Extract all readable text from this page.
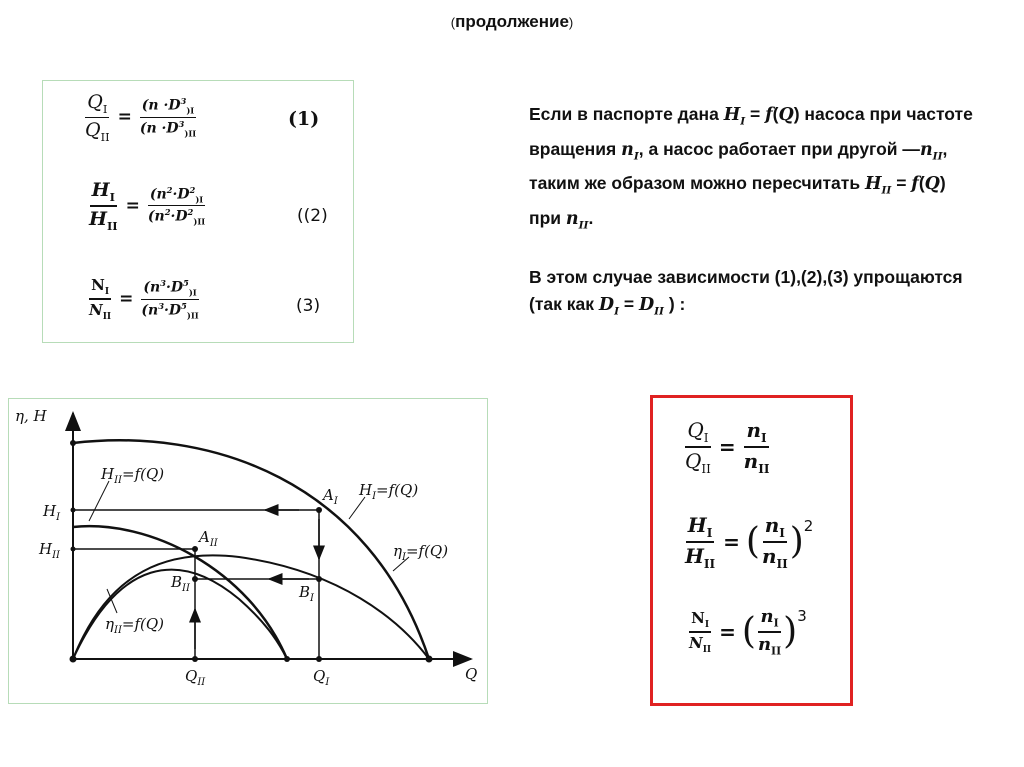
(продолжение)
$\frac{Q_I}{Q_{II}} = \frac{(n \cdot D^3_{)I}}{(n \cdot D^3_{)II}}$	(1)
$\frac{H_I}{H_{II}} = \frac{(n^2\cdot D^2_{)I}}{(n^2\cdot D^2_{)II}}$	((2)
$\frac{N_I}{N_{II}} = \frac{(n^3\cdot D^5_{)I}}{(n^3\cdot D^5_{)II}}$	(3)

Если в паспорте дана $H_I = f(Q)$ насоса при частоте вращения $n_I$, а насос работает при другой $—n_{II}$, таким же образом можно пересчитать $H_{II} = f(Q)$ при $n_{II}$.

В этом случае зависимости (1),(2),(3) упрощаются (так как $D_I = D_{II}$ ) :

$\frac{Q_I}{Q_{II}} = \frac{n_I}{n_{II}}$
$\frac{H_I}{H_{II}}$ = ( $\frac{n_I}{n_{II}}$ ) 2
$\frac{N_I}{N_{II}}$ = ( $\frac{n_I}{n_{II}}$ ) 3
η, H
Q
$H_I$
$H_{II}$
$Q_{II}$	$Q_I$
$A_I$
$A_{II}$
$B_I$
$B_{II}$
$H_{II}=f(Q)$
$H_I=f(Q)$
$\eta_I=f(Q)$
$\eta_{II}=f(Q)$
